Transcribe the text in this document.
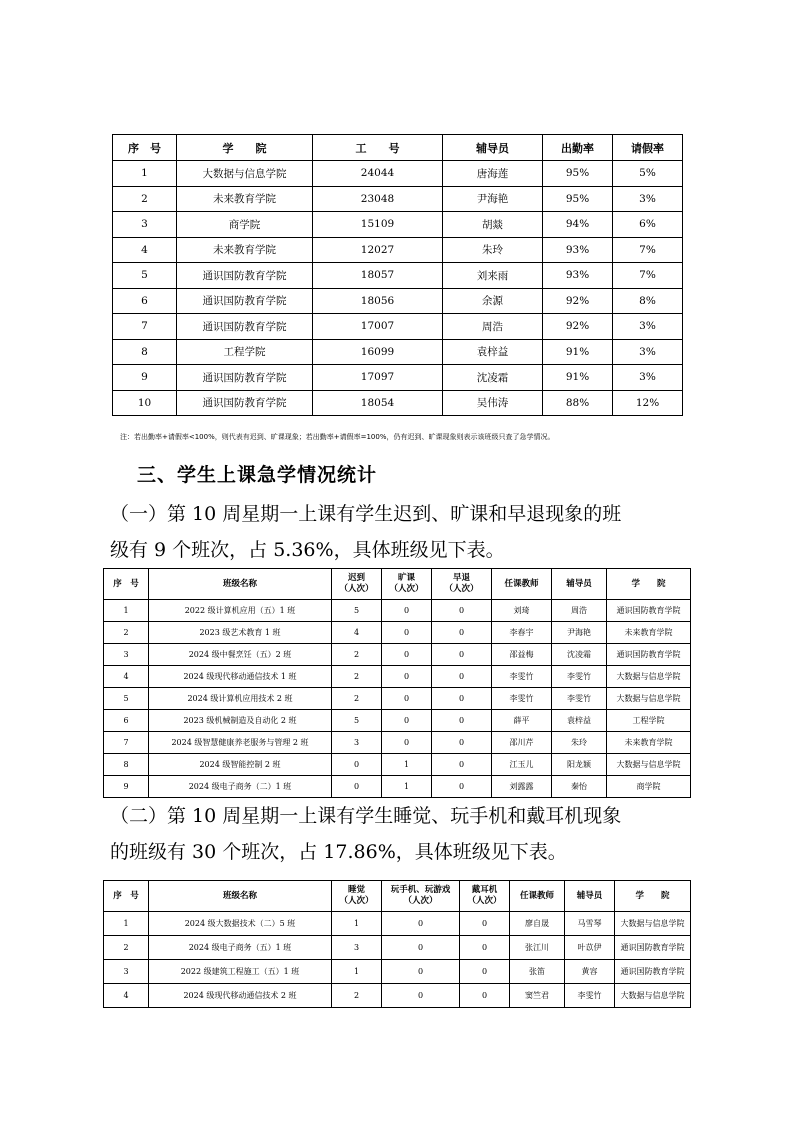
序　号	学　　院	工　　号	辅导员	出勤率	请假率
1	大数据与信息学院	24044	唐海莲	95%	5%
2	未来教育学院	23048	尹海艳	95%	3%
3	商学院	15109	胡燚	94%	6%
4	未来教育学院	12027	朱玲	93%	7%
5	通识国防教育学院	18057	刘来雨	93%	7%
6	通识国防教育学院	18056	余源	92%	8%
7	通识国防教育学院	17007	周浩	92%	3%
8	工程学院	16099	袁梓益	91%	3%
9	通识国防教育学院	17097	沈凌霜	91%	3%
10	通识国防教育学院	18054	吴伟涛	88%	12%
注：若出勤率+请假率<100%，则代表有迟到、旷课现象；若出勤率+请假率=100%，仍有迟到、旷课现象则表示该班级只查了急学情况。
三、学生上课急学情况统计
（一）第 10 周星期一上课有学生迟到、旷课和早退现象的班
级有 9 个班次，占 5.36%，具体班级见下表。
序　号	班级名称	迟到
（人次）	旷课
（人次）	早退
（人次）	任课教师	辅导员	学　　院
1	2022 级计算机应用（五）1 班	5	0	0	刘琦	周浩	通识国防教育学院
2	2023 级艺术教育 1 班	4	0	0	李春宇	尹海艳	未来教育学院
3	2024 级中餐烹饪（五）2 班	2	0	0	邵益梅	沈凌霜	通识国防教育学院
4	2024 级现代移动通信技术 1 班	2	0	0	李雯竹	李雯竹	大数据与信息学院
5	2024 级计算机应用技术 2 班	2	0	0	李雯竹	李雯竹	大数据与信息学院
6	2023 级机械制造及自动化 2 班	5	0	0	薛平	袁梓益	工程学院
7	2024 级智慧健康养老服务与管理 2 班	3	0	0	邵川芹	朱玲	未来教育学院
8	2024 级智能控制 2 班	0	1	0	江玉儿	阳龙颖	大数据与信息学院
9	2024 级电子商务（二）1 班	0	1	0	刘露露	秦怡	商学院
（二）第 10 周星期一上课有学生睡觉、玩手机和戴耳机现象
的班级有 30 个班次，占 17.86%，具体班级见下表。
序　号	班级名称	睡觉
（人次）	玩手机、玩游戏
（人次）	戴耳机
（人次）	任课教师	辅导员	学　　院
1	2024 级大数据技术（二）5 班	1	0	0	廖自晟	马雪琴	大数据与信息学院
2	2024 级电子商务（五）1 班	3	0	0	张江川	叶苡伊	通识国防教育学院
3	2022 级建筑工程施工（五）1 班	1	0	0	张笛	黄容	通识国防教育学院
4	2024 级现代移动通信技术 2 班	2	0	0	窦竺君	李雯竹	大数据与信息学院
